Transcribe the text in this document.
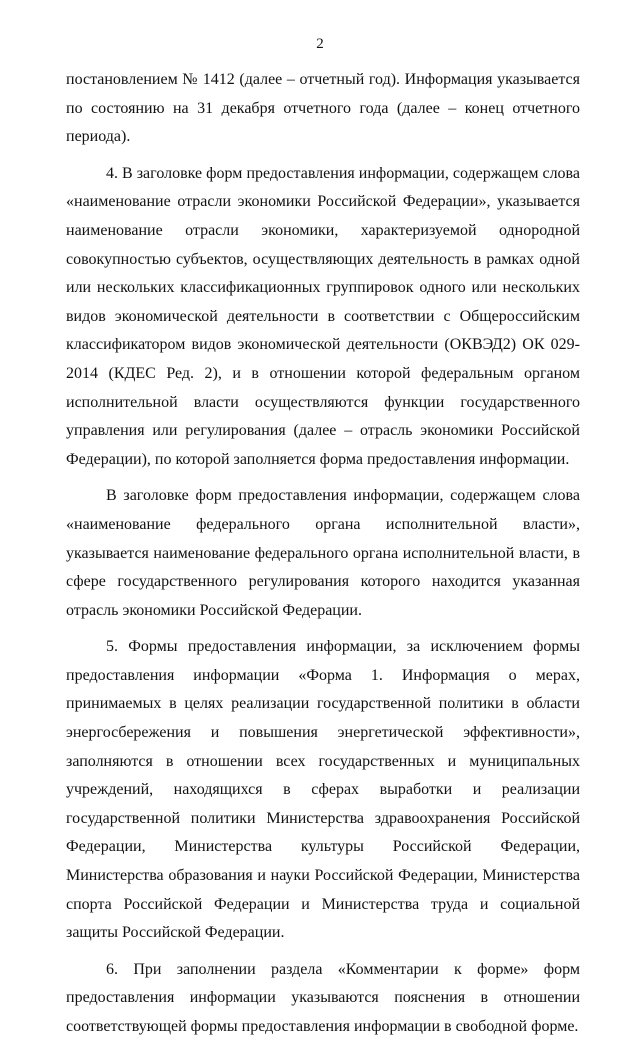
2

постановлением № 1412 (далее – отчетный год). Информация указывается по состоянию на 31 декабря отчетного года (далее – конец отчетного периода).

4. В заголовке форм предоставления информации, содержащем слова «наименование отрасли экономики Российской Федерации», указывается наименование отрасли экономики, характеризуемой однородной совокупностью субъектов, осуществляющих деятельность в рамках одной или нескольких классификационных группировок одного или нескольких видов экономической деятельности в соответствии с Общероссийским классификатором видов экономической деятельности (ОКВЭД2) ОК 029-2014 (КДЕС Ред. 2), и в отношении которой федеральным органом исполнительной власти осуществляются функции государственного управления или регулирования (далее – отрасль экономики Российской Федерации), по которой заполняется форма предоставления информации.

В заголовке форм предоставления информации, содержащем слова «наименование федерального органа исполнительной власти», указывается наименование федерального органа исполнительной власти, в сфере государственного регулирования которого находится указанная отрасль экономики Российской Федерации.

5. Формы предоставления информации, за исключением формы предоставления информации «Форма 1. Информация о мерах, принимаемых в целях реализации государственной политики в области энергосбережения и повышения энергетической эффективности», заполняются в отношении всех государственных и муниципальных учреждений, находящихся в сферах выработки и реализации государственной политики Министерства здравоохранения Российской Федерации, Министерства культуры Российской Федерации, Министерства образования и науки Российской Федерации, Министерства спорта Российской Федерации и Министерства труда и социальной защиты Российской Федерации.

6. При заполнении раздела «Комментарии к форме» форм предоставления информации указываются пояснения в отношении соответствующей формы предоставления информации в свободной форме.
